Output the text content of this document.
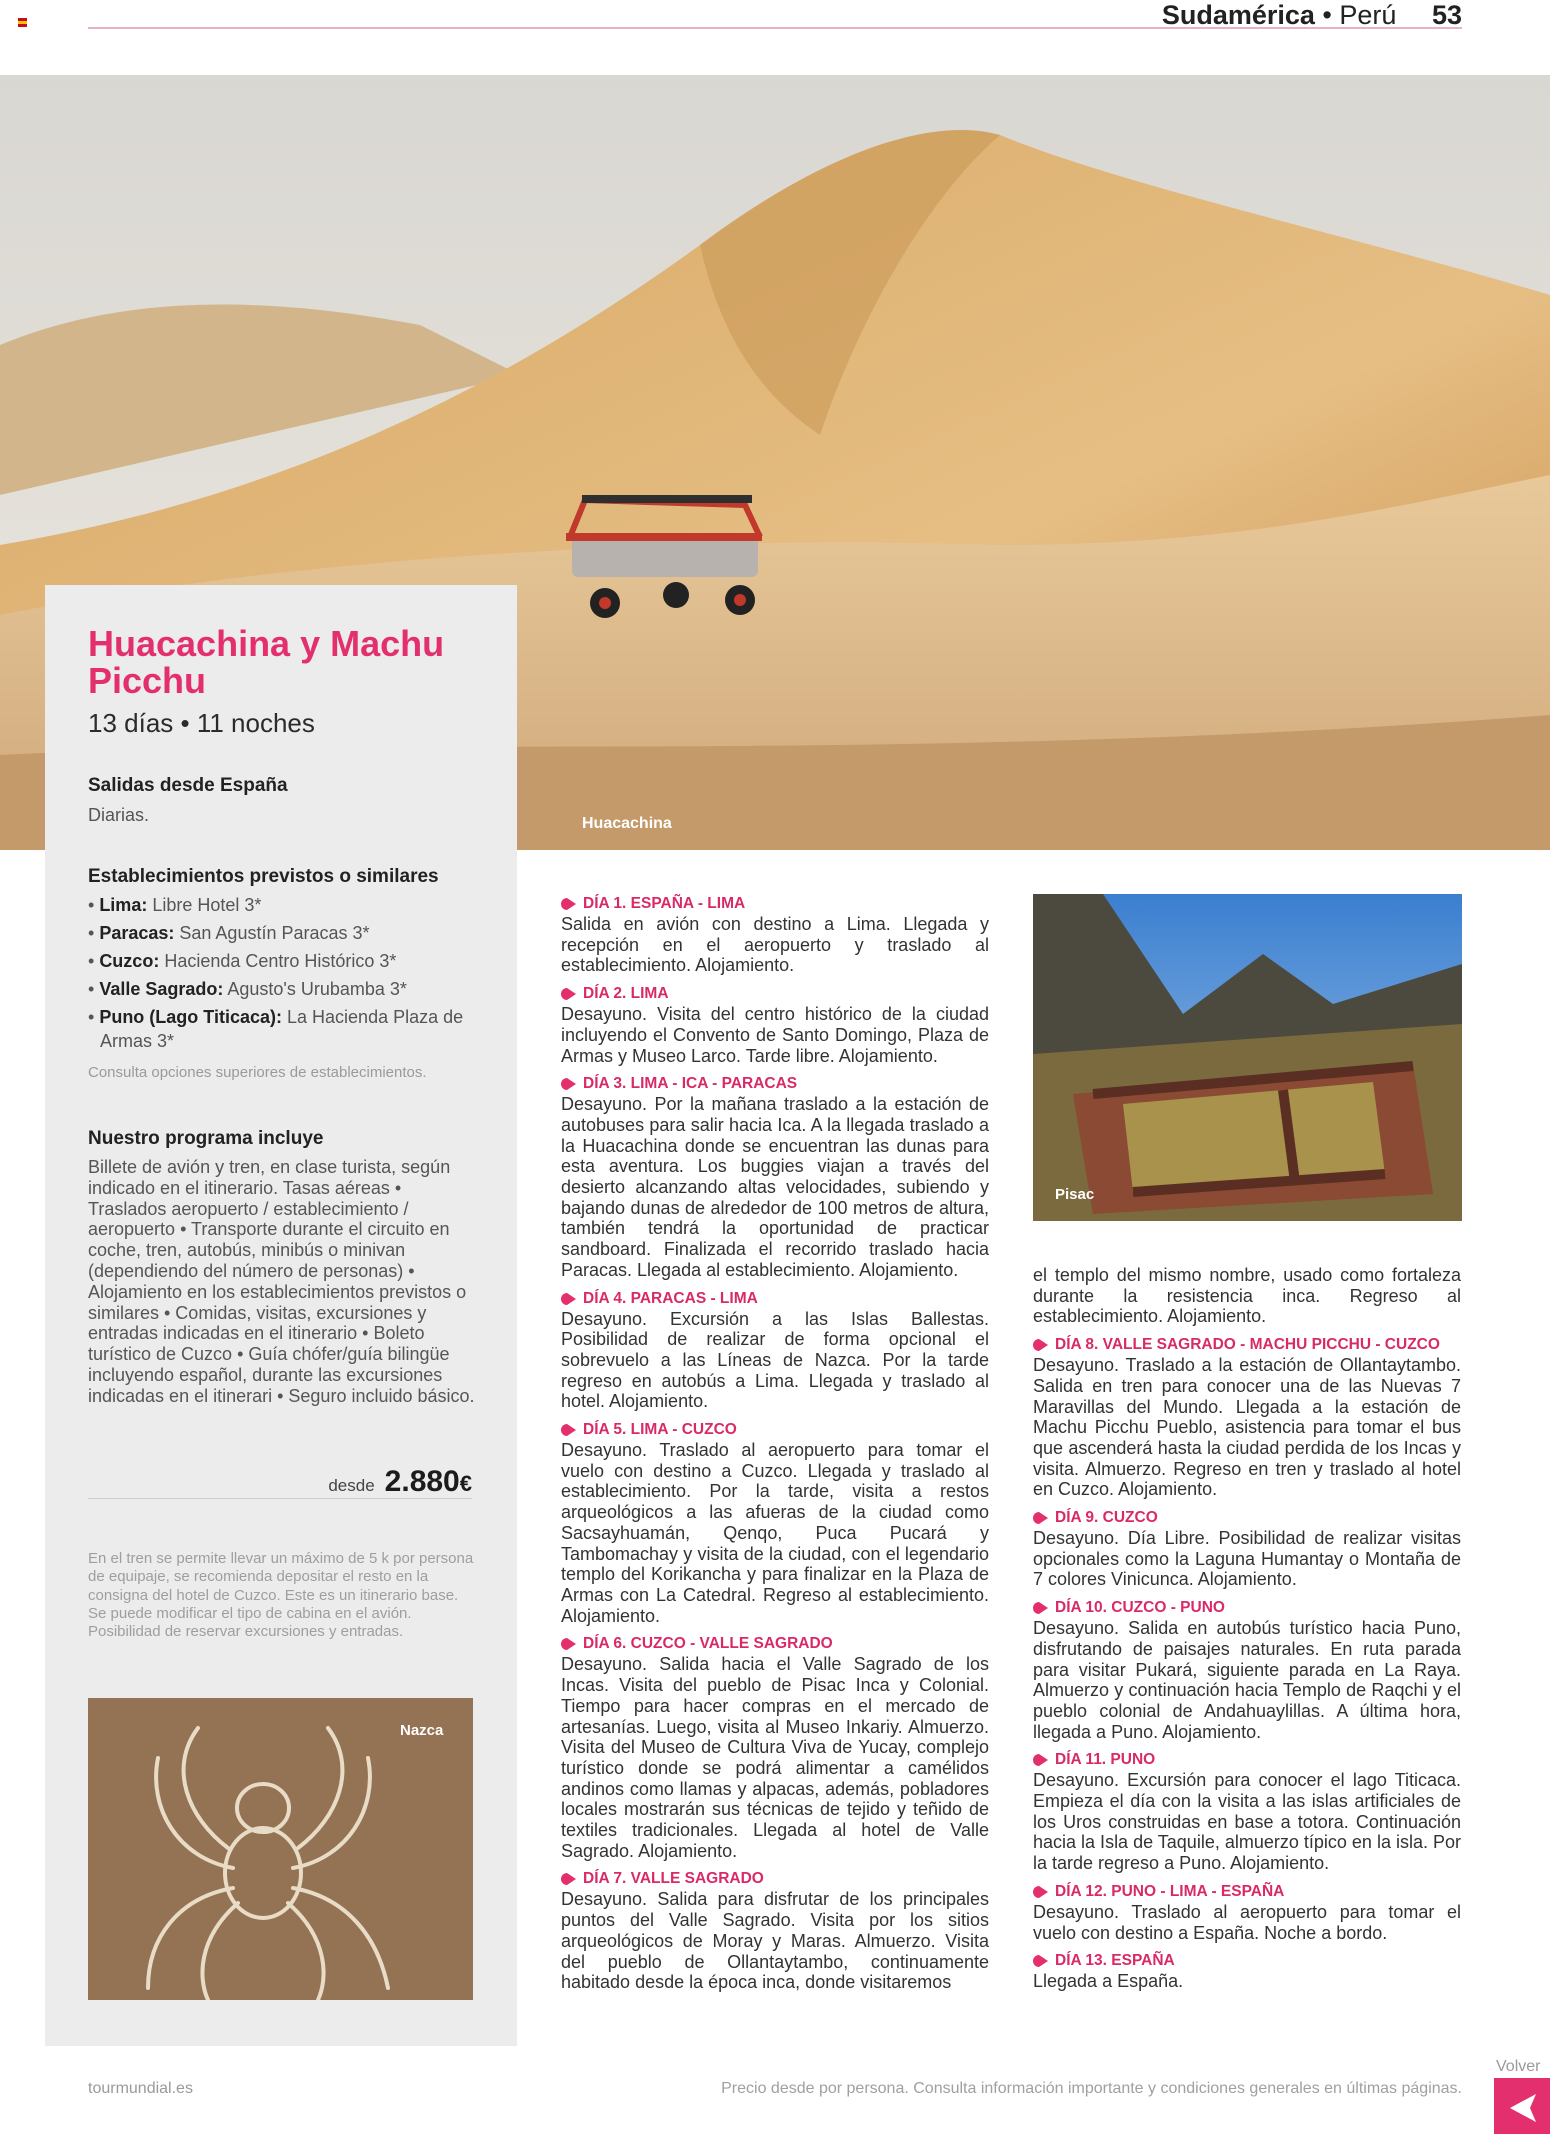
Sudamérica • Perú 53
Huacachina
Huacachina y Machu Picchu
13 días • 11 noches
Salidas desde España
Diarias.
Establecimientos previstos o similares
• Lima: Libre Hotel 3*
• Paracas: San Agustín Paracas 3*
• Cuzco: Hacienda Centro Histórico 3*
• Valle Sagrado: Agusto's Urubamba 3*
• Puno (Lago Titicaca): La Hacienda Plaza de Armas 3*
Consulta opciones superiores de establecimientos.
Nuestro programa incluye
Billete de avión y tren, en clase turista, según indicado en el itinerario. Tasas aéreas • Traslados aeropuerto / establecimiento / aeropuerto • Transporte durante el circuito en coche, tren, autobús, minibús o minivan (dependiendo del número de personas) • Alojamiento en los establecimientos previstos o similares • Comidas, visitas, excursiones y entradas indicadas en el itinerario • Boleto turístico de Cuzco • Guía chófer/guía bilingüe incluyendo español, durante las excursiones indicadas en el itinerari • Seguro incluido básico.
desde 2.880€
En el tren se permite llevar un máximo de 5 k por persona de equipaje, se recomienda depositar el resto en la consigna del hotel de Cuzco. Este es un itinerario base. Se puede modificar el tipo de cabina en el avión. Posibilidad de reservar excursiones y entradas.
Nazca
DÍA 1. ESPAÑA - LIMA
Salida en avión con destino a Lima. Llegada y recepción en el aeropuerto y traslado al establecimiento. Alojamiento.
DÍA 2. LIMA
Desayuno. Visita del centro histórico de la ciudad incluyendo el Convento de Santo Domingo, Plaza de Armas y Museo Larco. Tarde libre. Alojamiento.
DÍA 3. LIMA - ICA - PARACAS
Desayuno. Por la mañana traslado a la estación de autobuses para salir hacia Ica. A la llegada traslado a la Huacachina donde se encuentran las dunas para esta aventura. Los buggies viajan a través del desierto alcanzando altas velocidades, subiendo y bajando dunas de alrededor de 100 metros de altura, también tendrá la oportunidad de practicar sandboard. Finalizada el recorrido traslado hacia Paracas. Llegada al establecimiento. Alojamiento.
DÍA 4. PARACAS - LIMA
Desayuno. Excursión a las Islas Ballestas. Posibilidad de realizar de forma opcional el sobrevuelo a las Líneas de Nazca. Por la tarde regreso en autobús a Lima. Llegada y traslado al hotel. Alojamiento.
DÍA 5. LIMA - CUZCO
Desayuno. Traslado al aeropuerto para tomar el vuelo con destino a Cuzco. Llegada y traslado al establecimiento. Por la tarde, visita a restos arqueológicos a las afueras de la ciudad como Sacsayhuamán, Qenqo, Puca Pucará y Tambomachay y visita de la ciudad, con el legendario templo del Korikancha y para finalizar en la Plaza de Armas con La Catedral. Regreso al establecimiento. Alojamiento.
DÍA 6. CUZCO - VALLE SAGRADO
Desayuno. Salida hacia el Valle Sagrado de los Incas. Visita del pueblo de Pisac Inca y Colonial. Tiempo para hacer compras en el mercado de artesanías. Luego, visita al Museo Inkariy. Almuerzo. Visita del Museo de Cultura Viva de Yucay, complejo turístico donde se podrá alimentar a camélidos andinos como llamas y alpacas, además, pobladores locales mostrarán sus técnicas de tejido y teñido de textiles tradicionales. Llegada al hotel de Valle Sagrado. Alojamiento.
DÍA 7. VALLE SAGRADO
Desayuno. Salida para disfrutar de los principales puntos del Valle Sagrado. Visita por los sitios arqueológicos de Moray y Maras. Almuerzo. Visita del pueblo de Ollantaytambo, continuamente habitado desde la época inca, donde visitaremos
Pisac
el templo del mismo nombre, usado como fortaleza durante la resistencia inca. Regreso al establecimiento. Alojamiento.
DÍA 8. VALLE SAGRADO - MACHU PICCHU - CUZCO
Desayuno. Traslado a la estación de Ollantaytambo. Salida en tren para conocer una de las Nuevas 7 Maravillas del Mundo. Llegada a la estación de Machu Picchu Pueblo, asistencia para tomar el bus que ascenderá hasta la ciudad perdida de los Incas y visita. Almuerzo. Regreso en tren y traslado al hotel en Cuzco. Alojamiento.
DÍA 9. CUZCO
Desayuno. Día Libre. Posibilidad de realizar visitas opcionales como la Laguna Humantay o Montaña de 7 colores Vinicunca. Alojamiento.
DÍA 10. CUZCO - PUNO
Desayuno. Salida en autobús turístico hacia Puno, disfrutando de paisajes naturales. En ruta parada para visitar Pukará, siguiente parada en La Raya. Almuerzo y continuación hacia Templo de Raqchi y el pueblo colonial de Andahuaylillas. A última hora, llegada a Puno. Alojamiento.
DÍA 11. PUNO
Desayuno. Excursión para conocer el lago Titicaca. Empieza el día con la visita a las islas artificiales de los Uros construidas en base a totora. Continuación hacia la Isla de Taquile, almuerzo típico en la isla. Por la tarde regreso a Puno. Alojamiento.
DÍA 12. PUNO - LIMA - ESPAÑA
Desayuno. Traslado al aeropuerto para tomar el vuelo con destino a España. Noche a bordo.
DÍA 13. ESPAÑA
Llegada a España.
tourmundial.es	Precio desde por persona. Consulta información importante y condiciones generales en últimas páginas.
Volver
